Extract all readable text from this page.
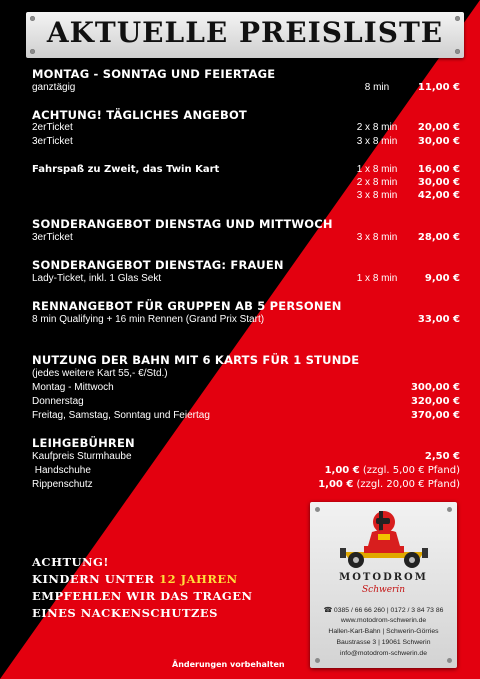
AKTUELLE PREISLISTE
MONTAG - SONNTAG UND FEIERTAGE
ganztägig	8 min	11,00 €
ACHTUNG! TÄGLICHES ANGEBOT
2erTicket	2 x 8 min	20,00 €
3erTicket	3 x 8 min	30,00 €
Fahrspaß zu Zweit, das Twin Kart	1 x 8 min	16,00 €
2 x 8 min	30,00 €
3 x 8 min	42,00 €
SONDERANGEBOT DIENSTAG UND MITTWOCH
3erTicket	3 x 8 min	28,00 €
SONDERANGEBOT DIENSTAG: FRAUEN
Lady-Ticket, inkl. 1 Glas Sekt	1 x 8 min	9,00 €
RENNANGEBOT FÜR GRUPPEN AB 5 PERSONEN
8 min Qualifying + 16 min Rennen (Grand Prix Start)	33,00 €
NUTZUNG DER BAHN MIT 6 KARTS FÜR 1 STUNDE
(jedes weitere Kart 55,- €/Std.)
Montag - Mittwoch	300,00 €
Donnerstag	320,00 €
Freitag, Samstag, Sonntag und Feiertag	370,00 €
LEIHGEBÜHREN
Kaufpreis Sturmhaube	2,50 €
Handschuhe	1,00 € (zzgl. 5,00 € Pfand)
Rippenschutz	1,00 € (zzgl. 20,00 € Pfand)
ACHTUNG!
KINDERN UNTER 12 JAHREN
EMPFEHLEN WIR DAS TRAGEN
EINES NACKENSCHUTZES
Änderungen vorbehalten
MOTODROM
Schwerin
☎ 0385 / 66 66 260 | 0172 / 3 84 73 86
www.motodrom-schwerin.de
Hallen-Kart-Bahn | Schwerin-Görries
Baustrasse 3 | 19061 Schwerin
info@motodrom-schwerin.de
